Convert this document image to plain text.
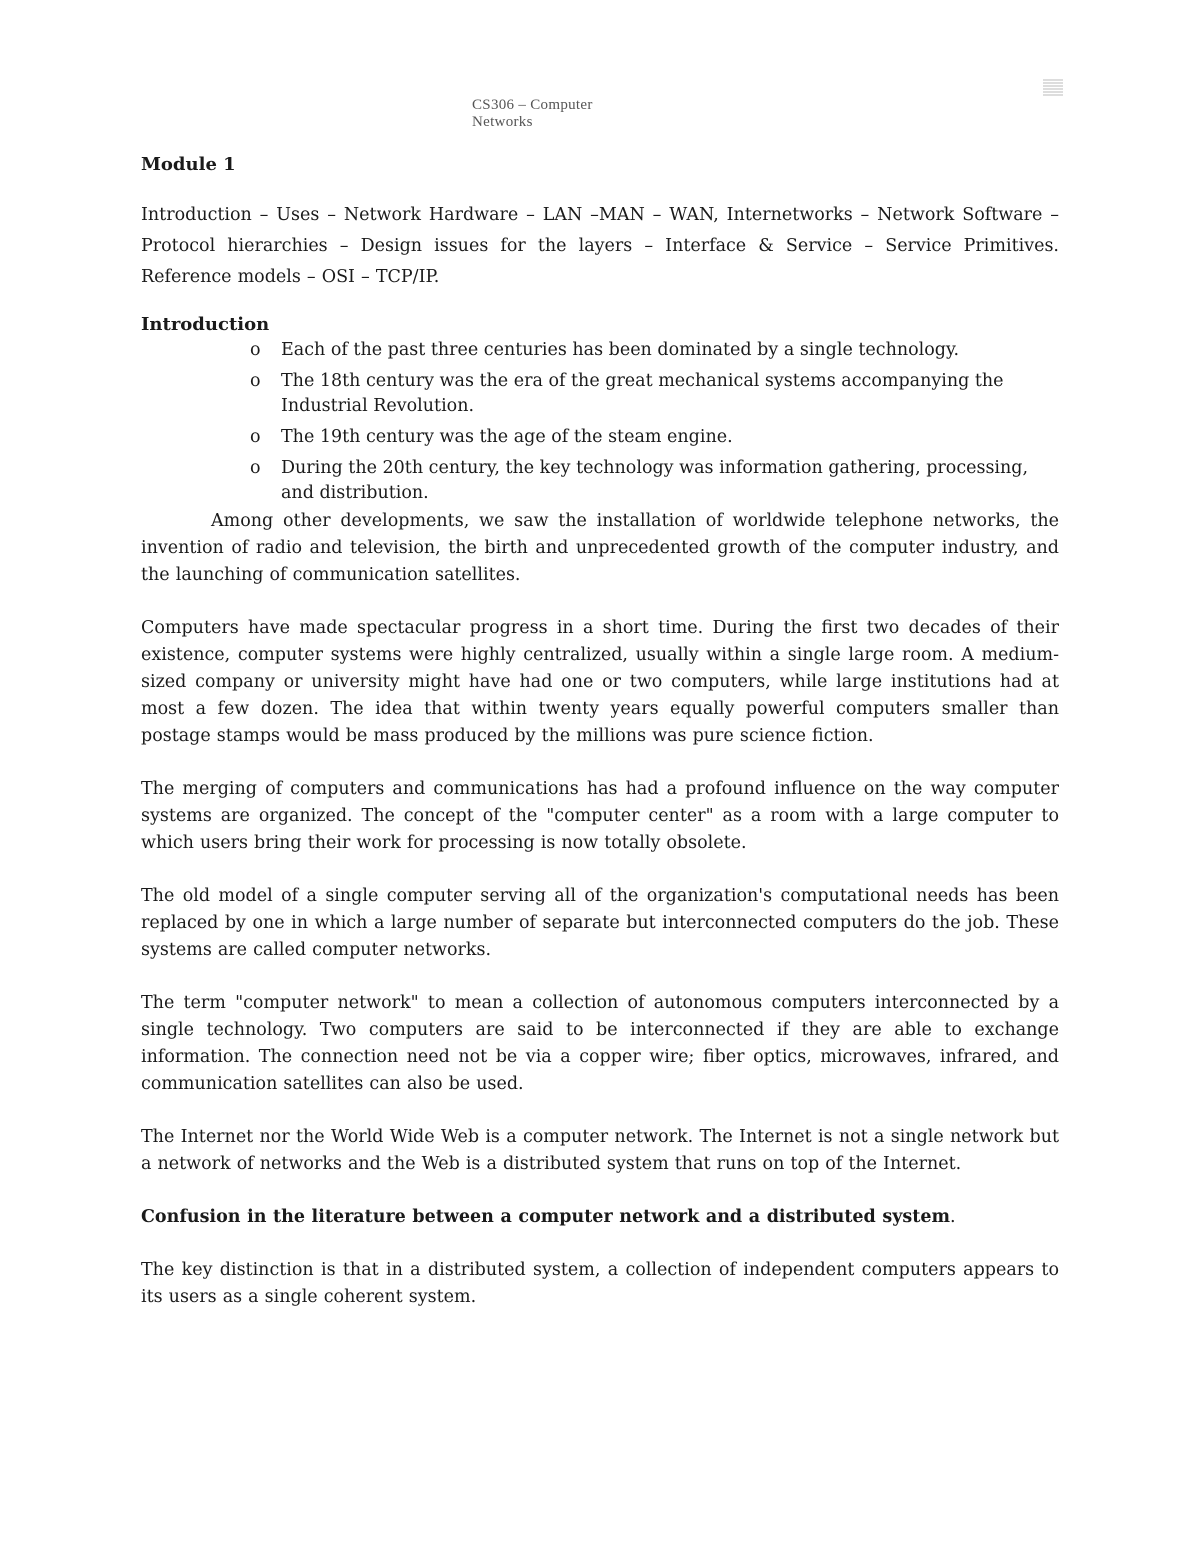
CS306 – Computer
Networks

Module 1

Introduction – Uses – Network Hardware – LAN –MAN – WAN, Internetworks – Network Software – Protocol hierarchies – Design issues for the layers – Interface & Service – Service Primitives. Reference models – OSI – TCP/IP.

Introduction

o Each of the past three centuries has been dominated by a single technology.
o The 18th century was the era of the great mechanical systems accompanying the Industrial Revolution.
o The 19th century was the age of the steam engine.
o During the 20th century, the key technology was information gathering, processing, and distribution.

Among other developments, we saw the installation of worldwide telephone networks, the invention of radio and television, the birth and unprecedented growth of the computer industry, and the launching of communication satellites.

Computers have made spectacular progress in a short time. During the first two decades of their existence, computer systems were highly centralized, usually within a single large room. A medium-sized company or university might have had one or two computers, while large institutions had at most a few dozen. The idea that within twenty years equally powerful computers smaller than postage stamps would be mass produced by the millions was pure science fiction.

The merging of computers and communications has had a profound influence on the way computer systems are organized. The concept of the "computer center" as a room with a large computer to which users bring their work for processing is now totally obsolete.

The old model of a single computer serving all of the organization's computational needs has been replaced by one in which a large number of separate but interconnected computers do the job. These systems are called computer networks.

The term "computer network" to mean a collection of autonomous computers interconnected by a single technology. Two computers are said to be interconnected if they are able to exchange information. The connection need not be via a copper wire; fiber optics, microwaves, infrared, and communication satellites can also be used.

The Internet nor the World Wide Web is a computer network. The Internet is not a single network but a network of networks and the Web is a distributed system that runs on top of the Internet.

Confusion in the literature between a computer network and a distributed system.

The key distinction is that in a distributed system, a collection of independent computers appears to its users as a single coherent system.
